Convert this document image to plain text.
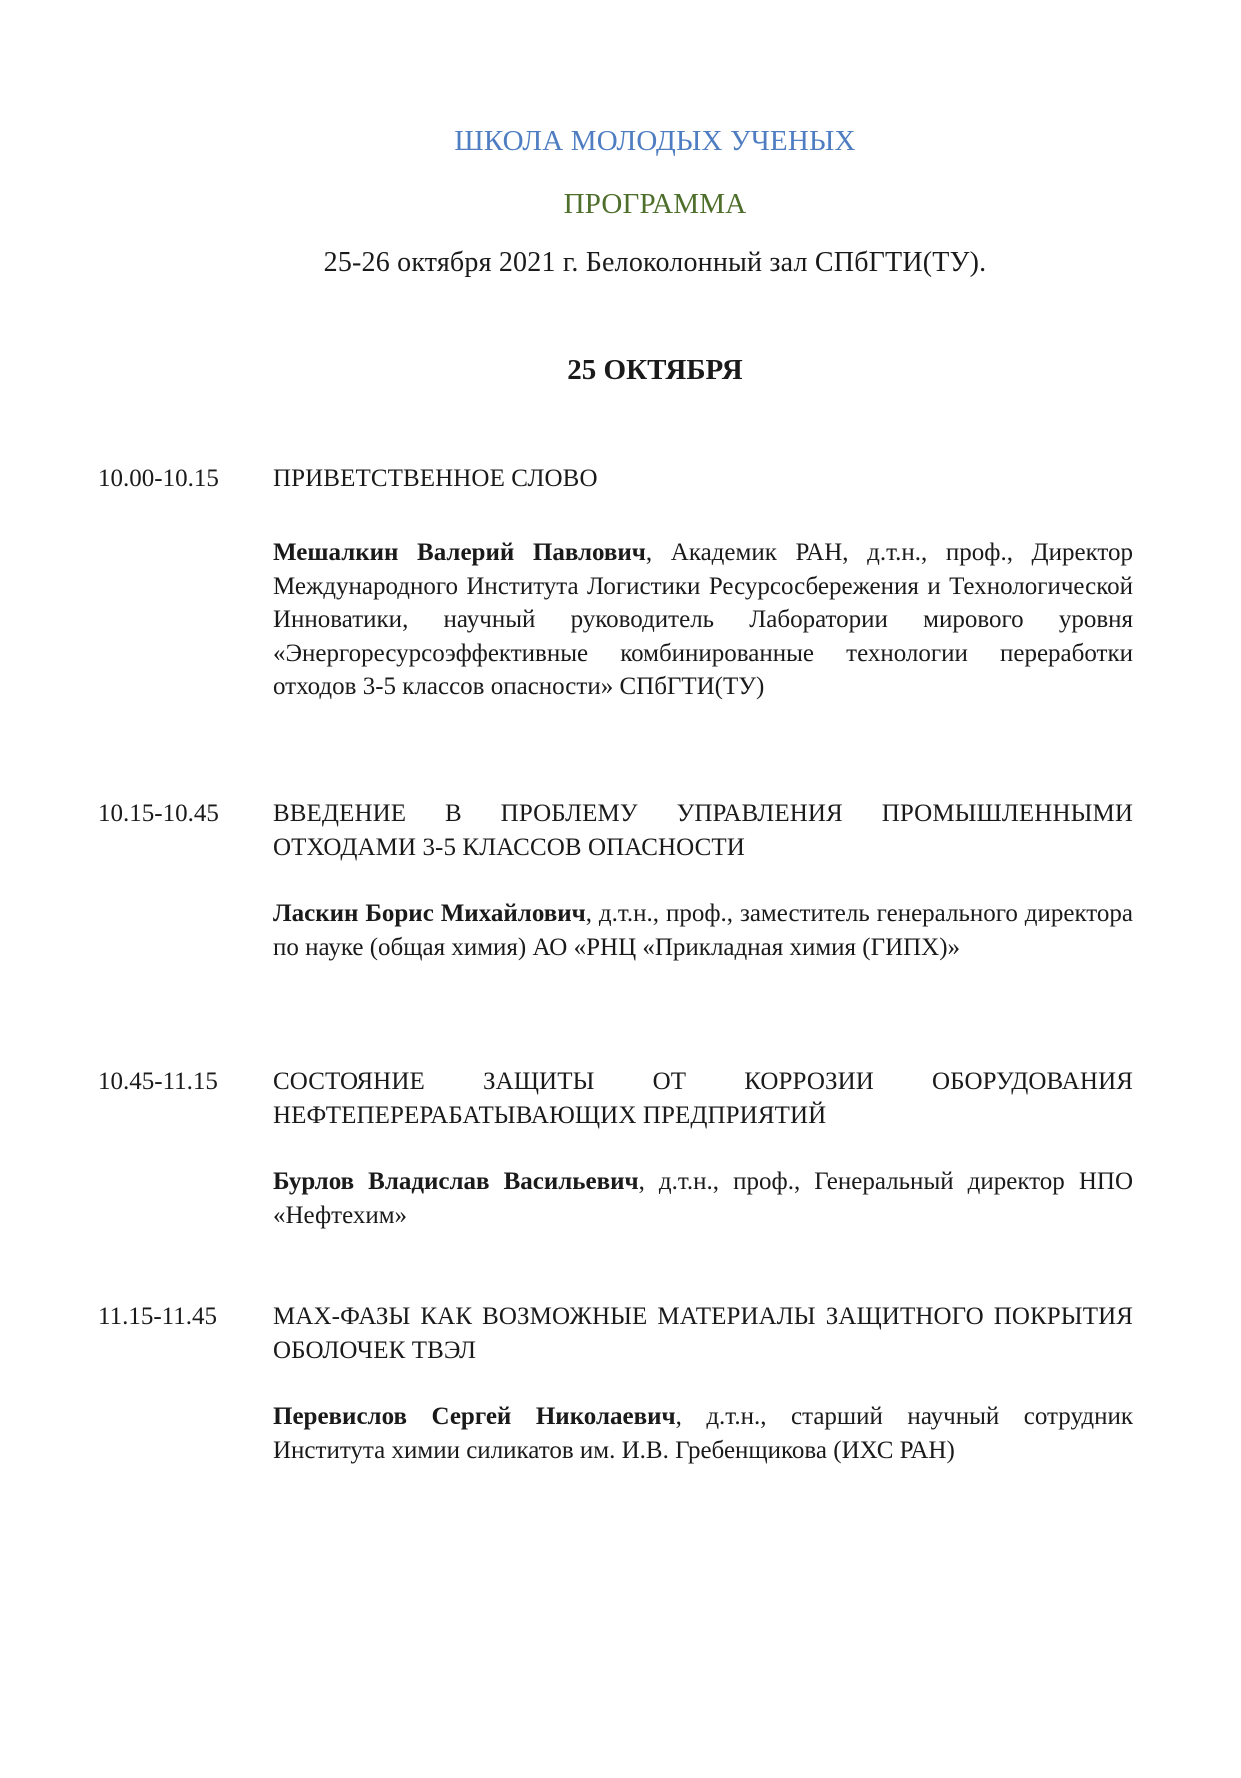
ШКОЛА МОЛОДЫХ УЧЕНЫХ
ПРОГРАММА
25-26 октября 2021 г. Белоколонный зал СПбГТИ(ТУ).
25 ОКТЯБРЯ
10.00-10.15	ПРИВЕТСТВЕННОЕ СЛОВО

Мешалкин Валерий Павлович, Академик РАН, д.т.н., проф., Директор Международного Института Логистики Ресурсосбережения и Технологической Инноватики, научный руководитель Лаборатории мирового уровня «Энергоресурсоэффективные комбинированные технологии переработки отходов 3-5 классов опасности» СПбГТИ(ТУ)
10.15-10.45	ВВЕДЕНИЕ В ПРОБЛЕМУ УПРАВЛЕНИЯ ПРОМЫШЛЕННЫМИ ОТХОДАМИ 3-5 КЛАССОВ ОПАСНОСТИ

Ласкин Борис Михайлович, д.т.н., проф., заместитель генерального директора по науке (общая химия) АО «РНЦ «Прикладная химия (ГИПХ)»
10.45-11.15	СОСТОЯНИЕ ЗАЩИТЫ ОТ КОРРОЗИИ ОБОРУДОВАНИЯ НЕФТЕПЕРЕРАБАТЫВАЮЩИХ ПРЕДПРИЯТИЙ

Бурлов Владислав Васильевич, д.т.н., проф., Генеральный директор НПО «Нефтехим»
11.15-11.45	MAX-ФАЗЫ КАК ВОЗМОЖНЫЕ МАТЕРИАЛЫ ЗАЩИТНОГО ПОКРЫТИЯ ОБОЛОЧЕК ТВЭЛ

Перевислов Сергей Николаевич, д.т.н., старший научный сотрудник Института химии силикатов им. И.В. Гребенщикова (ИХС РАН)
